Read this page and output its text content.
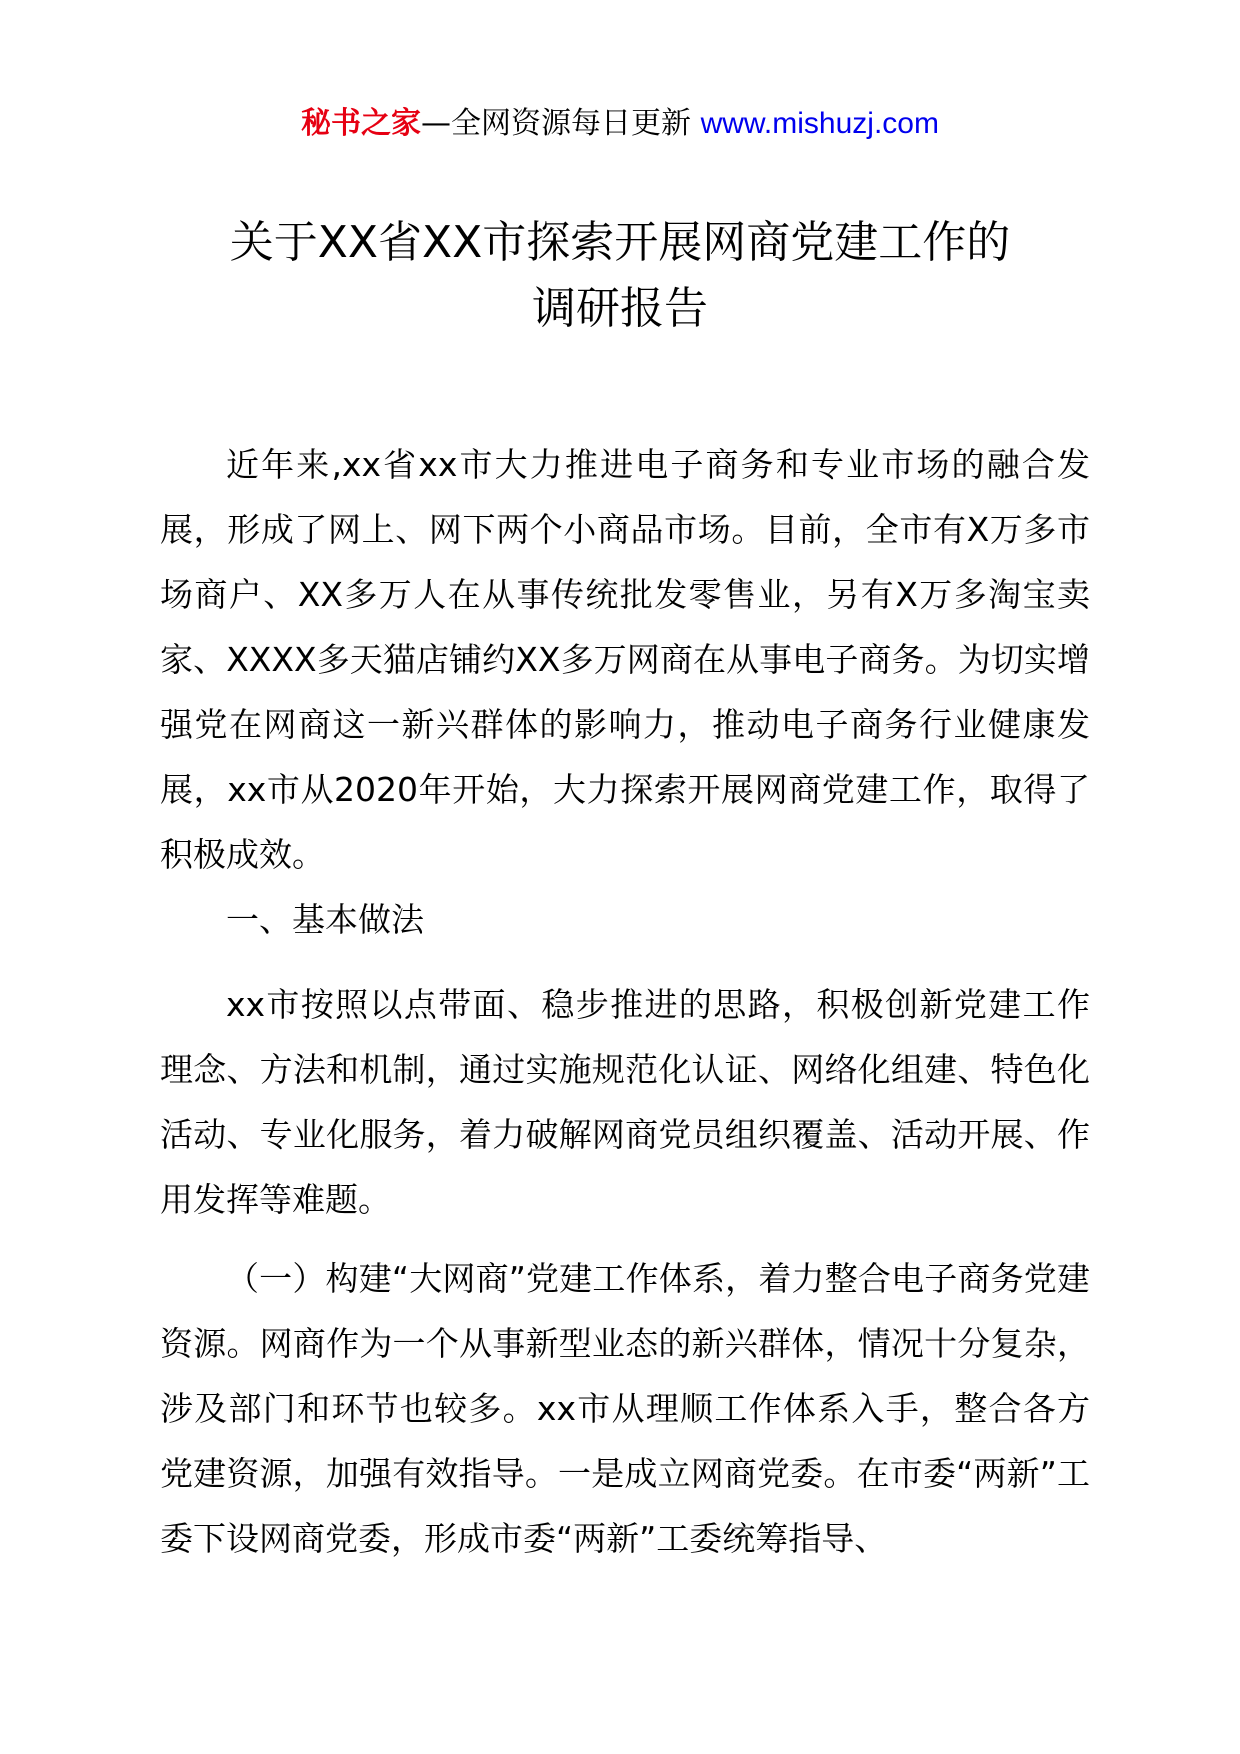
秘书之家—全网资源每日更新 www.mishuzj.com
关于XX省XX市探索开展网商党建工作的
调研报告

近年来,xx省xx市大力推进电子商务和专业市场的融合发展，形成了网上、网下两个小商品市场。目前，全市有X万多市场商户、XX多万人在从事传统批发零售业，另有X万多淘宝卖家、XXXX多天猫店铺约XX多万网商在从事电子商务。为切实增强党在网商这一新兴群体的影响力，推动电子商务行业健康发展，xx市从2020年开始，大力探索开展网商党建工作，取得了积极成效。

一、基本做法

xx市按照以点带面、稳步推进的思路，积极创新党建工作理念、方法和机制，通过实施规范化认证、网络化组建、特色化活动、专业化服务，着力破解网商党员组织覆盖、活动开展、作用发挥等难题。

（一）构建“大网商”党建工作体系，着力整合电子商务党建资源。网商作为一个从事新型业态的新兴群体，情况十分复杂，涉及部门和环节也较多。xx市从理顺工作体系入手，整合各方党建资源，加强有效指导。一是成立网商党委。在市委“两新”工委下设网商党委，形成市委“两新”工委统筹指导、
